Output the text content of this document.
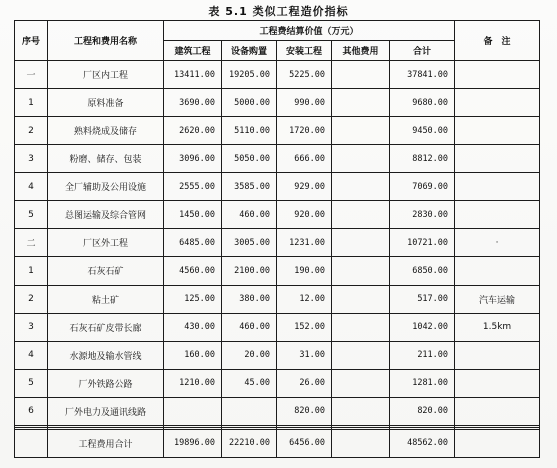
表 5.1 类似工程造价指标
序号	工程和费用名称	工程费结算价值（万元）					备　注
		建筑工程	设备购置	安装工程	其他费用	合计	
一	厂区内工程	13411.00	19205.00	5225.00		37841.00	
1	原料准备	3690.00	5000.00	990.00		9680.00	
2	熟料烧成及储存	2620.00	5110.00	1720.00		9450.00	
3	粉磨、储存、包装	3096.00	5050.00	666.00		8812.00	
4	全厂辅助及公用设施	2555.00	3585.00	929.00		7069.00	
5	总图运输及综合管网	1450.00	460.00	920.00		2830.00	
二	厂区外工程	6485.00	3005.00	1231.00		10721.00	·
1	石灰石矿	4560.00	2100.00	190.00		6850.00	
2	粘土矿	125.00	380.00	12.00		517.00	汽车运输
3	石灰石矿皮带长廊	430.00	460.00	152.00		1042.00	1.5km
4	水源地及输水管线	160.00	20.00	31.00		211.00	
5	厂外铁路公路	1210.00	45.00	26.00		1281.00	
6	厂外电力及通讯线路			820.00		820.00	

	工程费用合计	19896.00	22210.00	6456.00		48562.00	
